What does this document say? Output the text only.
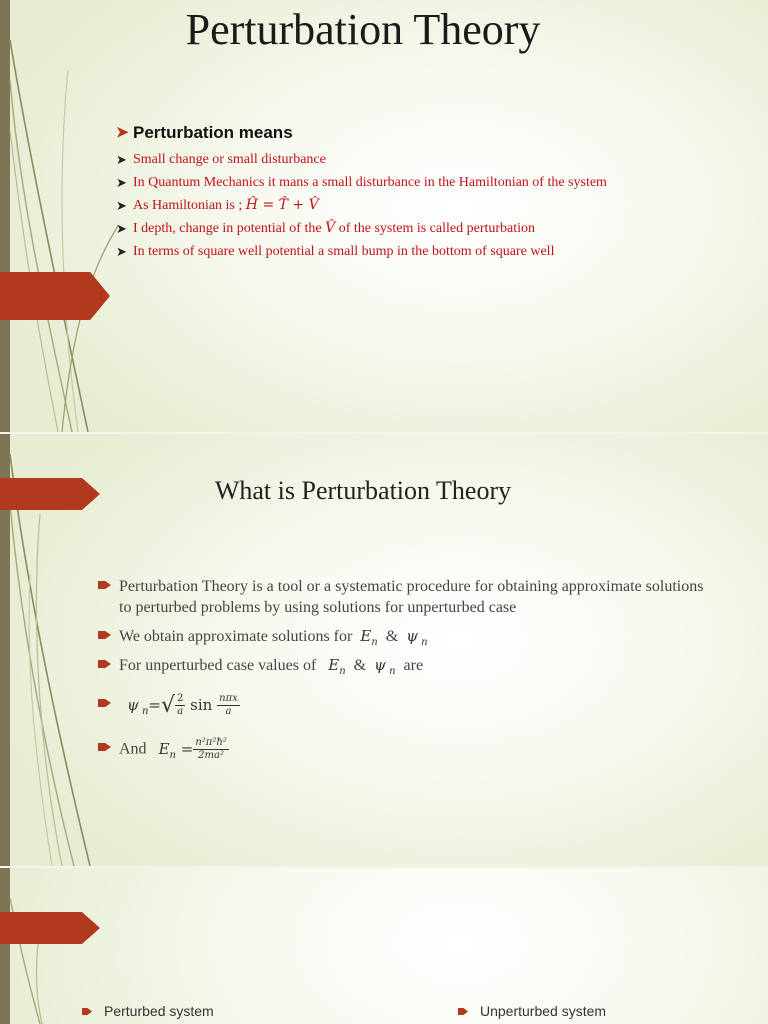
Perturbation Theory
➤ Perturbation means
➤ Small change or small disturbance
➤ In Quantum Mechanics it mans a small disturbance in the Hamiltonian of the system
➤ As Hamiltonian is ; Ĥ = T̂ + V̂
➤ I depth, change in potential of the V̂ of the system is called perturbation
➤ In terms of square well potential a small bump in the bottom of square well
What is Perturbation Theory
Perturbation Theory is a tool or a systematic procedure for obtaining approximate solutions to perturbed problems by using solutions for unperturbed case
We obtain approximate solutions for $E_n$ & ψ $_n$
For unperturbed case values of $E_n$ & ψ $_n$ are
ψ $_n=√ \frac{2}{a}$ $\sin \frac{\text{nπx}}{a}$
And $E_n = \frac{\text{n²π²ħ²}}{\text{2ma²}}$
Perturbed system	Unperturbed system
